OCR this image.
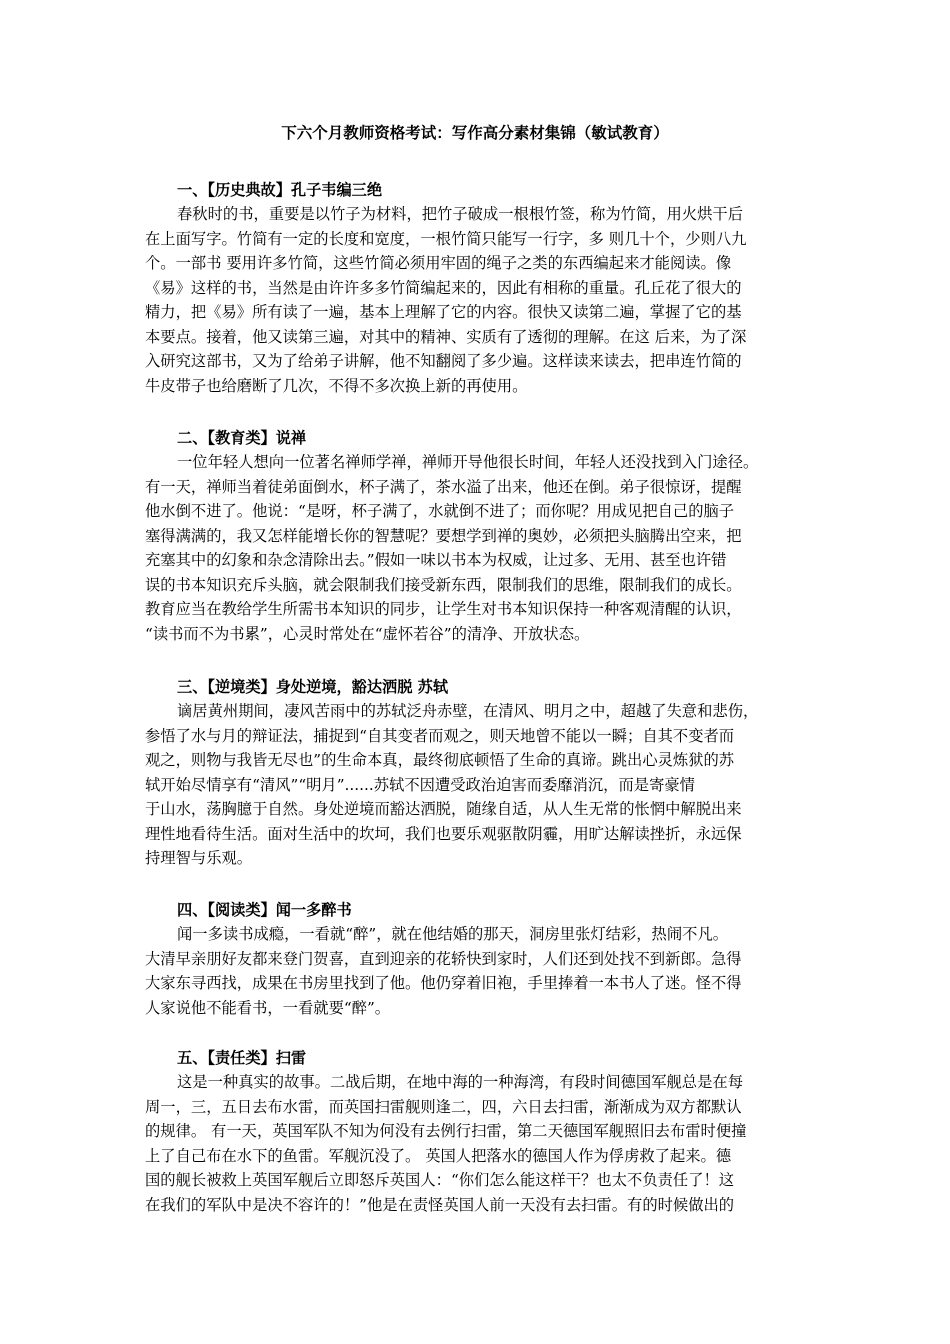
下六个月教师资格考试：写作高分素材集锦（敏试教育）
一、【历史典故】孔子韦编三绝
春秋时的书，重要是以竹子为材料，把竹子破成一根根竹签，称为竹简，用火烘干后
在上面写字。竹简有一定的长度和宽度，一根竹简只能写一行字，多 则几十个，少则八九
个。一部书 要用许多竹简，这些竹简必须用牢固的绳子之类的东西编起来才能阅读。像
《易》这样的书，当然是由许许多多竹简编起来的，因此有相称的重量。孔丘花了很大的
精力，把《易》所有读了一遍，基本上理解了它的内容。很快又读第二遍，掌握了它的基
本要点。接着，他又读第三遍，对其中的精神、实质有了透彻的理解。在这 后来，为了深
入研究这部书，又为了给弟子讲解，他不知翻阅了多少遍。这样读来读去，把串连竹简的
牛皮带子也给磨断了几次，不得不多次换上新的再使用。
二、【教育类】说禅
一位年轻人想向一位著名禅师学禅，禅师开导他很长时间，年轻人还没找到入门途径。
有一天，禅师当着徒弟面倒水，杯子满了，茶水溢了出来，他还在倒。弟子很惊讶，提醒
他水倒不进了。他说：“是呀，杯子满了，水就倒不进了；而你呢？用成见把自己的脑子
塞得满满的，我又怎样能增长你的智慧呢？要想学到禅的奥妙，必须把头脑腾出空来，把
充塞其中的幻象和杂念清除出去。”假如一味以书本为权威，让过多、无用、甚至也许错
误的书本知识充斥头脑，就会限制我们接受新东西，限制我们的思维，限制我们的成长。
教育应当在教给学生所需书本知识的同步，让学生对书本知识保持一种客观清醒的认识，
“读书而不为书累”，心灵时常处在“虚怀若谷”的清净、开放状态。
三、【逆境类】身处逆境，豁达洒脱 苏轼
谪居黄州期间，凄风苦雨中的苏轼泛舟赤壁，在清风、明月之中，超越了失意和悲伤，
参悟了水与月的辩证法，捕捉到“自其变者而观之，则天地曾不能以一瞬；自其不变者而
观之，则物与我皆无尽也”的生命本真，最终彻底顿悟了生命的真谛。跳出心灵炼狱的苏
轼开始尽情享有“清风”“明月”......苏轼不因遭受政治迫害而委靡消沉，而是寄豪情
于山水，荡胸臆于自然。身处逆境而豁达洒脱，随缘自适，从人生无常的怅惘中解脱出来
理性地看待生活。面对生活中的坎坷，我们也要乐观驱散阴霾，用旷达解读挫折，永远保
持理智与乐观。
四、【阅读类】闻一多醉书
闻一多读书成瘾，一看就“醉”，就在他结婚的那天，洞房里张灯结彩，热闹不凡。
大清早亲朋好友都来登门贺喜，直到迎亲的花轿快到家时，人们还到处找不到新郎。急得
大家东寻西找，成果在书房里找到了他。他仍穿着旧袍，手里捧着一本书人了迷。怪不得
人家说他不能看书，一看就要“醉”。
五、【责任类】扫雷
这是一种真实的故事。二战后期，在地中海的一种海湾，有段时间德国军舰总是在每
周一，三，五日去布水雷，而英国扫雷舰则逢二，四，六日去扫雷，渐渐成为双方都默认
的规律。 有一天，英国军队不知为何没有去例行扫雷，第二天德国军舰照旧去布雷时便撞
上了自己布在水下的鱼雷。军舰沉没了。 英国人把落水的德国人作为俘虏救了起来。德
国的舰长被救上英国军舰后立即怒斥英国人：“你们怎么能这样干？也太不负责任了！这
在我们的军队中是决不容许的！”他是在责怪英国人前一天没有去扫雷。有的时候做出的
